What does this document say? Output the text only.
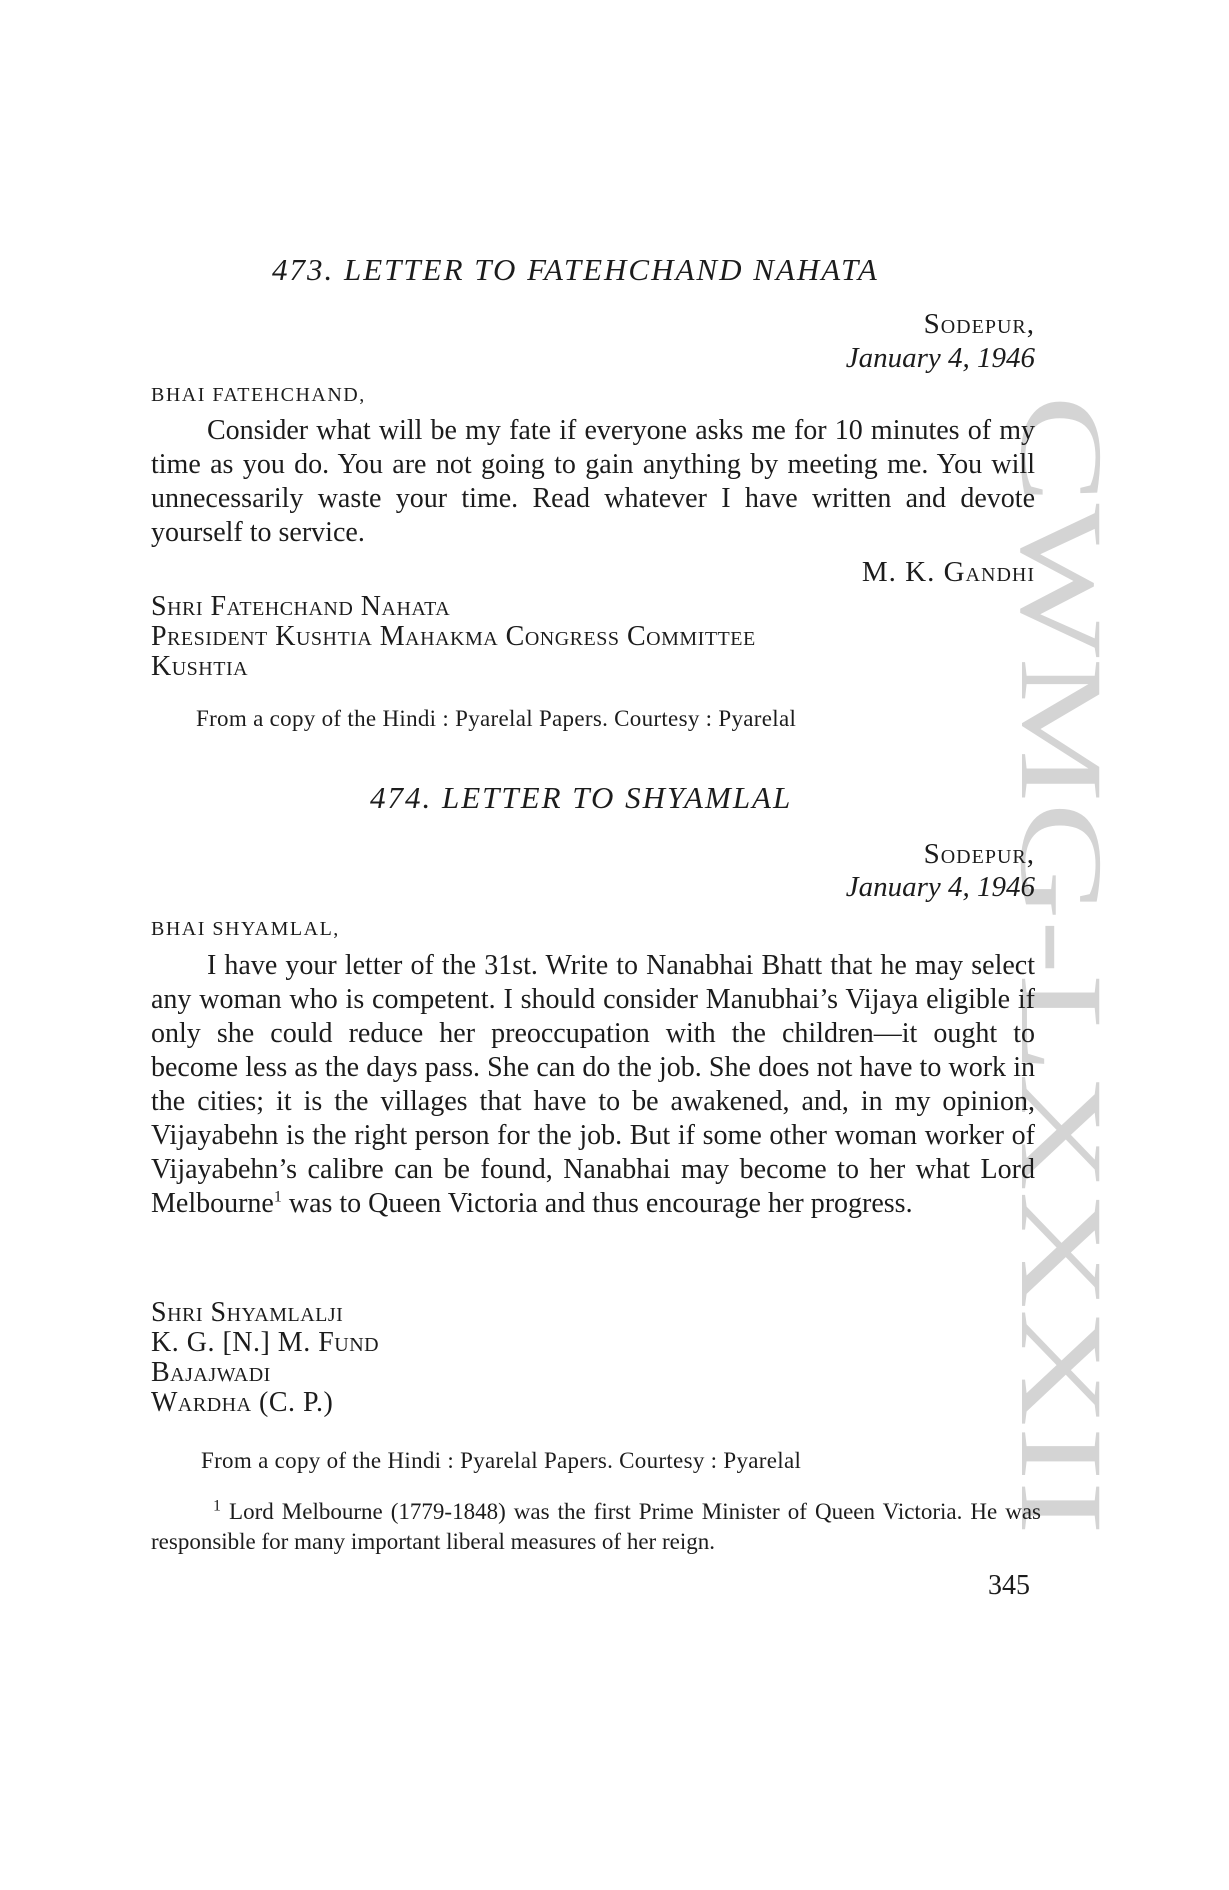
CWMG-LXXXII
473. LETTER TO FATEHCHAND NAHATA
Sodepur,
January 4, 1946
BHAI FATEHCHAND,

Consider what will be my fate if everyone asks me for 10 minutes of my time as you do. You are not going to gain anything by meeting me. You will unnecessarily waste your time. Read whatever I have written and devote yourself to service.

M. K. Gandhi
Shri Fatehchand Nahata
President Kushtia Mahakma Congress Committee
Kushtia
From a copy of the Hindi : Pyarelal Papers. Courtesy : Pyarelal
474. LETTER TO SHYAMLAL
Sodepur,
January 4, 1946
BHAI SHYAMLAL,

I have your letter of the 31st. Write to Nanabhai Bhatt that he may select any woman who is competent. I should consider Manubhai’s Vijaya eligible if only she could reduce her preoccupation with the children—it ought to become less as the days pass. She can do the job. She does not have to work in the cities; it is the villages that have to be awakened, and, in my opinion, Vijayabehn is the right person for the job. But if some other woman worker of Vijayabehn’s calibre can be found, Nanabhai may become to her what Lord Melbourne$^1$ was to Queen Victoria and thus encourage her progress.

Shri Shyamlalji
K. G. [N.] M. Fund
Bajajwadi
Wardha (C. P.)
From a copy of the Hindi : Pyarelal Papers. Courtesy : Pyarelal

$^1$ Lord Melbourne (1779-1848) was the first Prime Minister of Queen Victoria. He was responsible for many important liberal measures of her reign.

345
